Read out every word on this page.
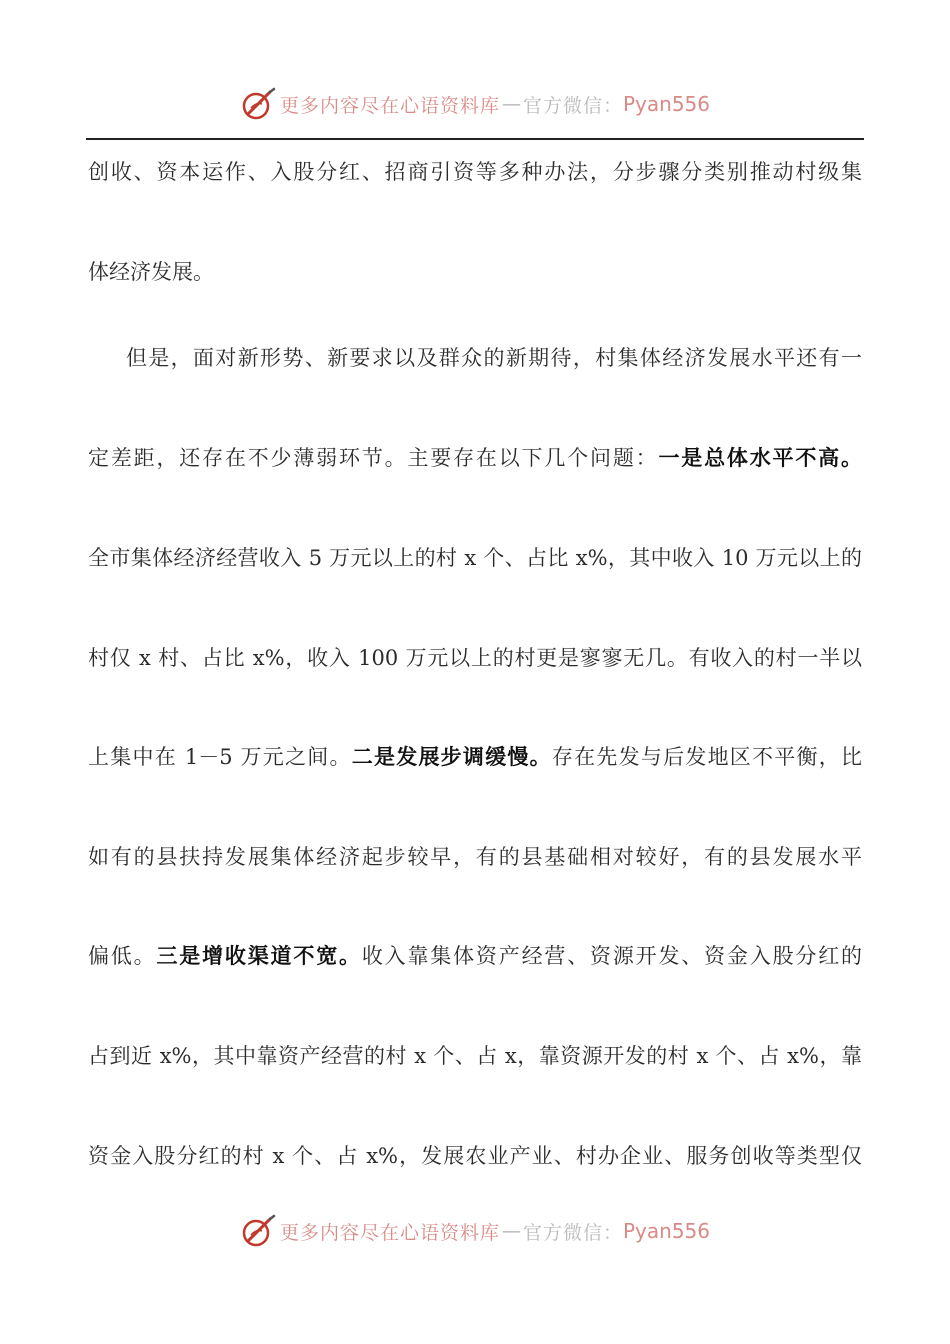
更多内容尽在心语资料库 — 官方微信： Pyan556
创收、资本运作、入股分红、招商引资等多种办法，分步骤分类别推动村级集
体经济发展。
但是，面对新形势、新要求以及群众的新期待，村集体经济发展水平还有一
定差距，还存在不少薄弱环节。主要存在以下几个问题：一是总体水平不高。
全市集体经济经营收入 5 万元以上的村 x 个、占比 x%，其中收入 10 万元以上的
村仅 x 村、占比 x%，收入 100 万元以上的村更是寥寥无几。有收入的村一半以
上集中在 1－5 万元之间。二是发展步调缓慢。存在先发与后发地区不平衡，比
如有的县扶持发展集体经济起步较早，有的县基础相对较好，有的县发展水平
偏低。三是增收渠道不宽。收入靠集体资产经营、资源开发、资金入股分红的
占到近 x%，其中靠资产经营的村 x 个、占 x，靠资源开发的村 x 个、占 x%，靠
资金入股分红的村 x 个、占 x%，发展农业产业、村办企业、服务创收等类型仅
更多内容尽在心语资料库 — 官方微信： Pyan556
